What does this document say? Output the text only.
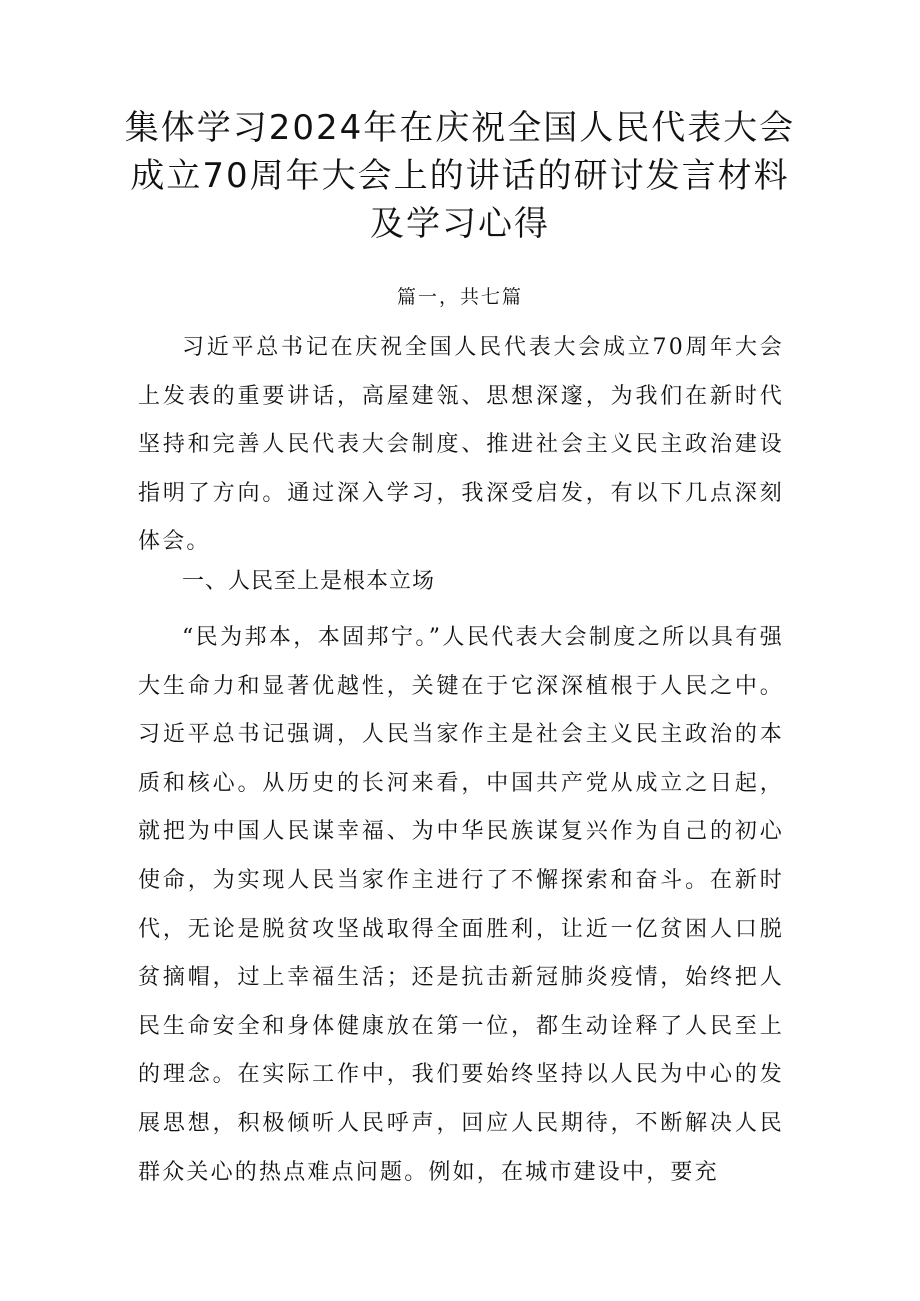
集体学习2024年在庆祝全国人民代表大会
成立70周年大会上的讲话的研讨发言材料
及学习心得

篇一，共七篇

习近平总书记在庆祝全国人民代表大会成立70周年大会上发表的重要讲话，高屋建瓴、思想深邃，为我们在新时代坚持和完善人民代表大会制度、推进社会主义民主政治建设指明了方向。通过深入学习，我深受启发，有以下几点深刻体会。

一、人民至上是根本立场

“民为邦本，本固邦宁。”人民代表大会制度之所以具有强大生命力和显著优越性，关键在于它深深植根于人民之中。习近平总书记强调，人民当家作主是社会主义民主政治的本质和核心。从历史的长河来看，中国共产党从成立之日起，就把为中国人民谋幸福、为中华民族谋复兴作为自己的初心使命，为实现人民当家作主进行了不懈探索和奋斗。在新时代，无论是脱贫攻坚战取得全面胜利，让近一亿贫困人口脱贫摘帽，过上幸福生活；还是抗击新冠肺炎疫情，始终把人民生命安全和身体健康放在第一位，都生动诠释了人民至上的理念。在实际工作中，我们要始终坚持以人民为中心的发展思想，积极倾听人民呼声，回应人民期待，不断解决人民群众关心的热点难点问题。例如，在城市建设中，要充
